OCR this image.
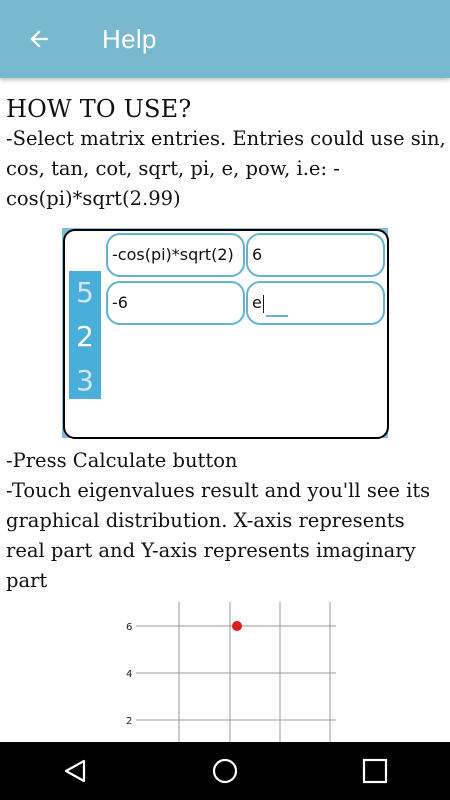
Help

HOW TO USE?

-Select matrix entries. Entries could use sin, cos, tan, cot, sqrt, pi, e, pow, i.e: -cos(pi)*sqrt(2.99)

5
2
3
-cos(pi)*sqrt(2)	6
-6	e

-Press Calculate button

-Touch eigenvalues result and you'll see its graphical distribution. X-axis represents real part and Y-axis represents imaginary part

6
4
2
